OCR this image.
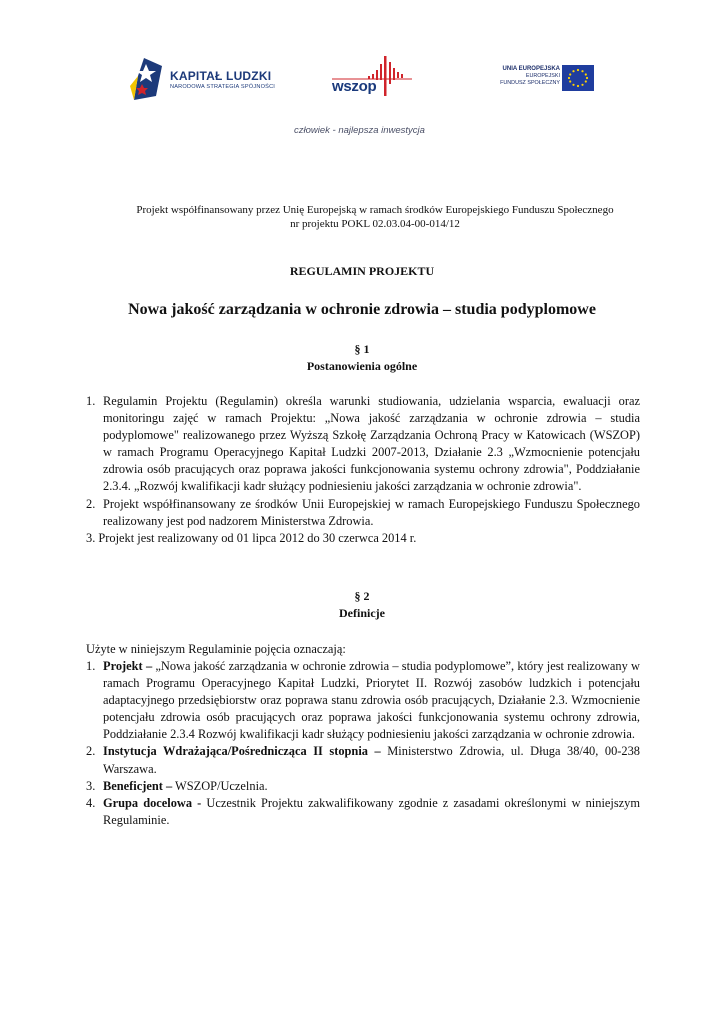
KAPITAŁ LUDZKI
NARODOWA STRATEGIA SPÓJNOŚCI	wszop
UNIA EUROPEJSKA
EUROPEJSKI
FUNDUSZ SPOŁECZNY
człowiek - najlepsza inwestycja
Projekt współfinansowany przez Unię Europejską w ramach środków Europejskiego Funduszu Społecznego
nr projektu POKL 02.03.04-00-014/12
REGULAMIN PROJEKTU
Nowa jakość zarządzania w ochronie zdrowia – studia podyplomowe
§ 1
Postanowienia ogólne
1. Regulamin Projektu (Regulamin) określa warunki studiowania, udzielania wsparcia, ewaluacji oraz monitoringu zajęć w ramach Projektu: „Nowa jakość zarządzania w ochronie zdrowia – studia podyplomowe" realizowanego przez Wyższą Szkołę Zarządzania Ochroną Pracy w Katowicach (WSZOP) w ramach Programu Operacyjnego Kapitał Ludzki 2007-2013, Działanie 2.3 „Wzmocnienie potencjału zdrowia osób pracujących oraz poprawa jakości funkcjonowania systemu ochrony zdrowia", Poddziałanie 2.3.4. „Rozwój kwalifikacji kadr służący podniesieniu jakości zarządzania w ochronie zdrowia".
2. Projekt współfinansowany ze środków Unii Europejskiej w ramach Europejskiego Funduszu Społecznego realizowany jest pod nadzorem Ministerstwa Zdrowia.
3. Projekt jest realizowany od 01 lipca 2012 do 30 czerwca 2014 r.
§ 2
Definicje
Użyte w niniejszym Regulaminie pojęcia oznaczają:
1. Projekt – „Nowa jakość zarządzania w ochronie zdrowia – studia podyplomowe”, który jest realizowany w ramach Programu Operacyjnego Kapitał Ludzki, Priorytet II. Rozwój zasobów ludzkich i potencjału adaptacyjnego przedsiębiorstw oraz poprawa stanu zdrowia osób pracujących, Działanie 2.3. Wzmocnienie potencjału zdrowia osób pracujących oraz poprawa jakości funkcjonowania systemu ochrony zdrowia, Poddziałanie 2.3.4 Rozwój kwalifikacji kadr służący podniesieniu jakości zarządzania w ochronie zdrowia.
2. Instytucja Wdrażająca/Pośrednicząca II stopnia – Ministerstwo Zdrowia, ul. Długa 38/40, 00-238 Warszawa.
3. Beneficjent – WSZOP/Uczelnia.
4. Grupa docelowa - Uczestnik Projektu zakwalifikowany zgodnie z zasadami określonymi w niniejszym Regulaminie.
